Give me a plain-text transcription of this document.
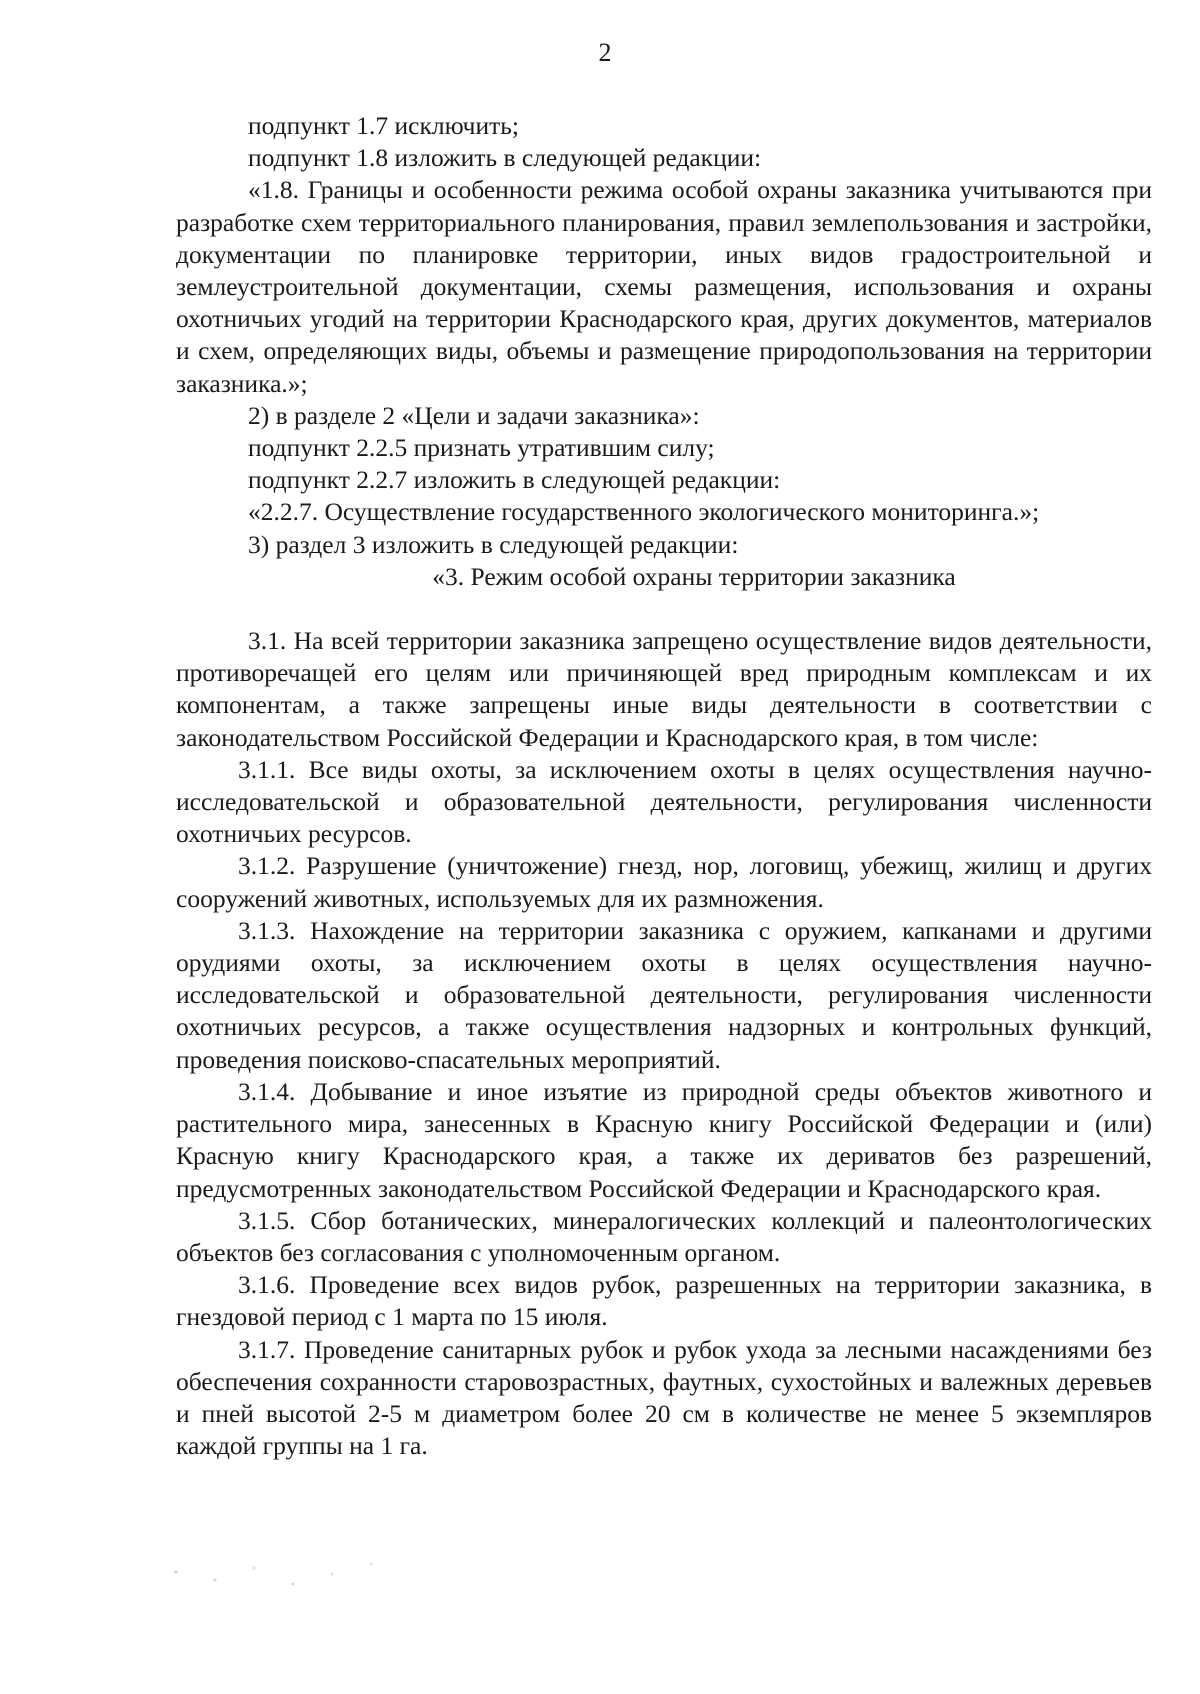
2

подпункт 1.7 исключить;

подпункт 1.8 изложить в следующей редакции:

«1.8. Границы и особенности режима особой охраны заказника учитываются при разработке схем территориального планирования, правил землепользования и застройки, документации по планировке территории, иных видов градостроительной и землеустроительной документации, схемы размещения, использования и охраны охотничьих угодий на территории Краснодарского края, других документов, материалов и схем, определяющих виды, объемы и размещение природопользования на территории заказника.»;

2) в разделе 2 «Цели и задачи заказника»:

подпункт 2.2.5 признать утратившим силу;

подпункт 2.2.7 изложить в следующей редакции:

«2.2.7. Осуществление государственного экологического мониторинга.»;

3) раздел 3 изложить в следующей редакции:

«3. Режим особой охраны территории заказника

3.1. На всей территории заказника запрещено осуществление видов деятельности, противоречащей его целям или причиняющей вред природным комплексам и их компонентам, а также запрещены иные виды деятельности в соответствии с законодательством Российской Федерации и Краснодарского края, в том числе:

3.1.1. Все виды охоты, за исключением охоты в целях осуществления научно-исследовательской и образовательной деятельности, регулирования численности охотничьих ресурсов.

3.1.2. Разрушение (уничтожение) гнезд, нор, логовищ, убежищ, жилищ и других сооружений животных, используемых для их размножения.

3.1.3. Нахождение на территории заказника с оружием, капканами и другими орудиями охоты, за исключением охоты в целях осуществления научно-исследовательской и образовательной деятельности, регулирования численности охотничьих ресурсов, а также осуществления надзорных и контрольных функций, проведения поисково-спасательных мероприятий.

3.1.4. Добывание и иное изъятие из природной среды объектов животного и растительного мира, занесенных в Красную книгу Российской Федерации и (или) Красную книгу Краснодарского края, а также их дериватов без разрешений, предусмотренных законодательством Российской Федерации и Краснодарского края.

3.1.5. Сбор ботанических, минералогических коллекций и палеонтологических объектов без согласования с уполномоченным органом.

3.1.6. Проведение всех видов рубок, разрешенных на территории заказника, в гнездовой период с 1 марта по 15 июля.

3.1.7. Проведение санитарных рубок и рубок ухода за лесными насаждениями без обеспечения сохранности старовозрастных, фаутных, сухостойных и валежных деревьев и пней высотой 2-5 м диаметром более 20 см в количестве не менее 5 экземпляров каждой группы на 1 га.
